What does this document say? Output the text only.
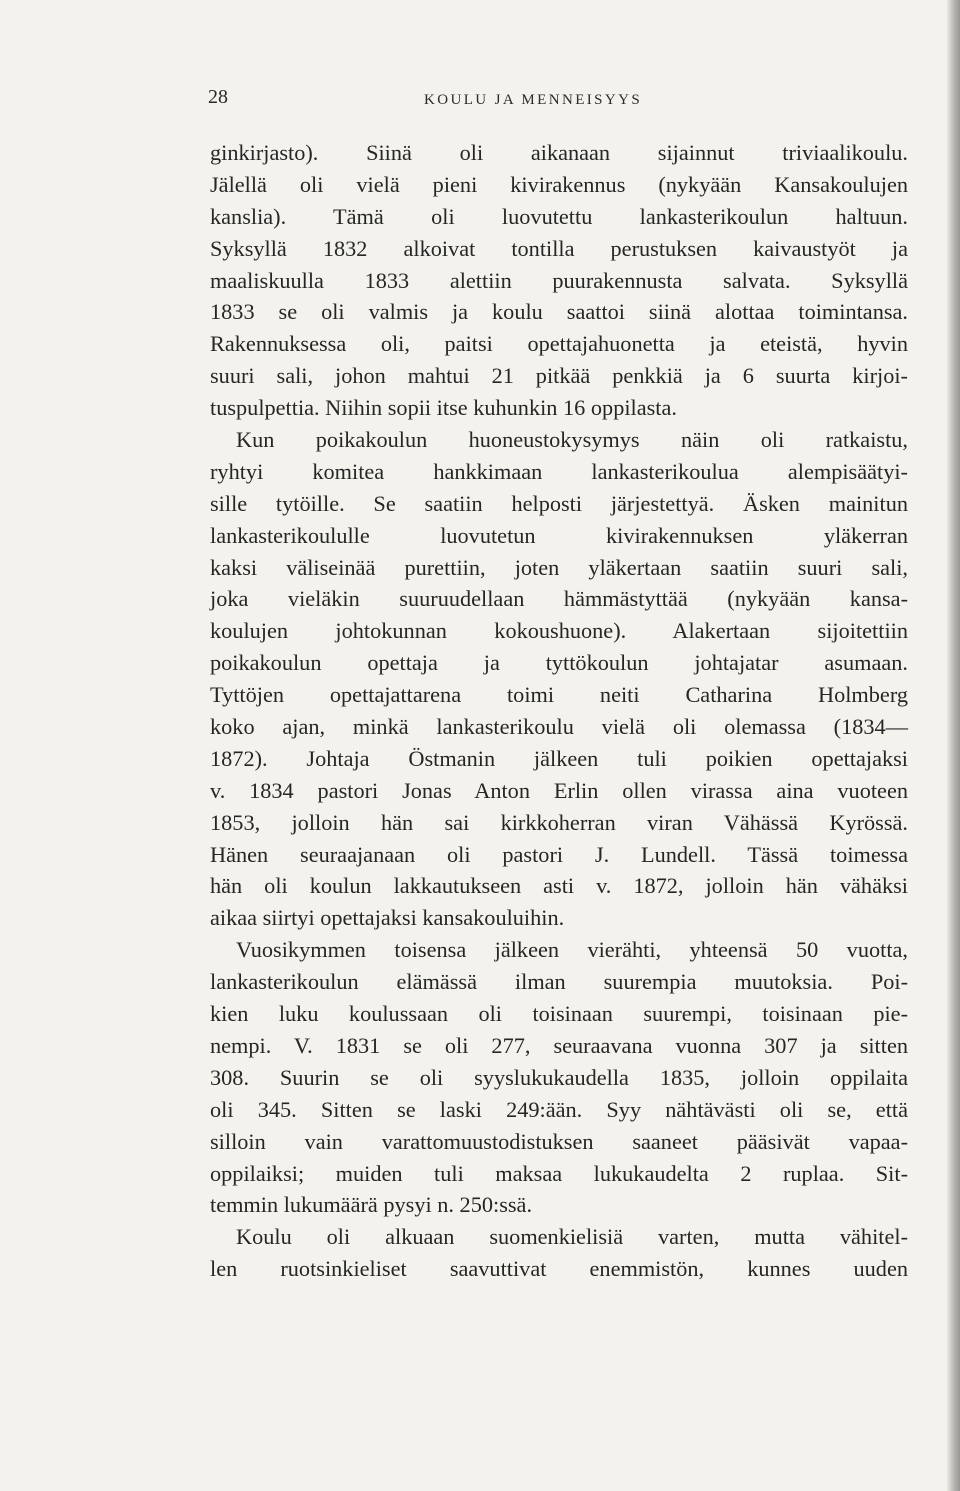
28	KOULU JA MENNEISYYS
ginkirjasto). Siinä oli aikanaan sijainnut triviaalikoulu.
Jälellä oli vielä pieni kivirakennus (nykyään Kansakoulujen
kanslia). Tämä oli luovutettu lankasterikoulun haltuun.
Syksyllä 1832 alkoivat tontilla perustuksen kaivaustyöt ja
maaliskuulla 1833 alettiin puurakennusta salvata. Syksyllä
1833 se oli valmis ja koulu saattoi siinä alottaa toimintansa.
Rakennuksessa oli, paitsi opettajahuonetta ja eteistä, hyvin
suuri sali, johon mahtui 21 pitkää penkkiä ja 6 suurta kirjoi-
tuspulpettia. Niihin sopii itse kuhunkin 16 oppilasta.
Kun poikakoulun huoneustokysymys näin oli ratkaistu,
ryhtyi komitea hankkimaan lankasterikoulua alempisäätyi-
sille tytöille. Se saatiin helposti järjestettyä. Äsken mainitun
lankasterikoululle luovutetun kivirakennuksen yläkerran
kaksi väliseinää purettiin, joten yläkertaan saatiin suuri sali,
joka vieläkin suuruudellaan hämmästyttää (nykyään kansa-
koulujen johtokunnan kokoushuone). Alakertaan sijoitettiin
poikakoulun opettaja ja tyttökoulun johtajatar asumaan.
Tyttöjen opettajattarena toimi neiti Catharina Holmberg
koko ajan, minkä lankasterikoulu vielä oli olemassa (1834—
1872). Johtaja Östmanin jälkeen tuli poikien opettajaksi
v. 1834 pastori Jonas Anton Erlin ollen virassa aina vuoteen
1853, jolloin hän sai kirkkoherran viran Vähässä Kyrössä.
Hänen seuraajanaan oli pastori J. Lundell. Tässä toimessa
hän oli koulun lakkautukseen asti v. 1872, jolloin hän vähäksi
aikaa siirtyi opettajaksi kansakouluihin.
Vuosikymmen toisensa jälkeen vierähti, yhteensä 50 vuotta,
lankasterikoulun elämässä ilman suurempia muutoksia. Poi-
kien luku koulussaan oli toisinaan suurempi, toisinaan pie-
nempi. V. 1831 se oli 277, seuraavana vuonna 307 ja sitten
308. Suurin se oli syyslukukaudella 1835, jolloin oppilaita
oli 345. Sitten se laski 249:ään. Syy nähtävästi oli se, että
silloin vain varattomuustodistuksen saaneet pääsivät vapaa-
oppilaiksi; muiden tuli maksaa lukukaudelta 2 ruplaa. Sit-
temmin lukumäärä pysyi n. 250:ssä.
Koulu oli alkuaan suomenkielisiä varten, mutta vähitel-
len ruotsinkieliset saavuttivat enemmistön, kunnes uuden
